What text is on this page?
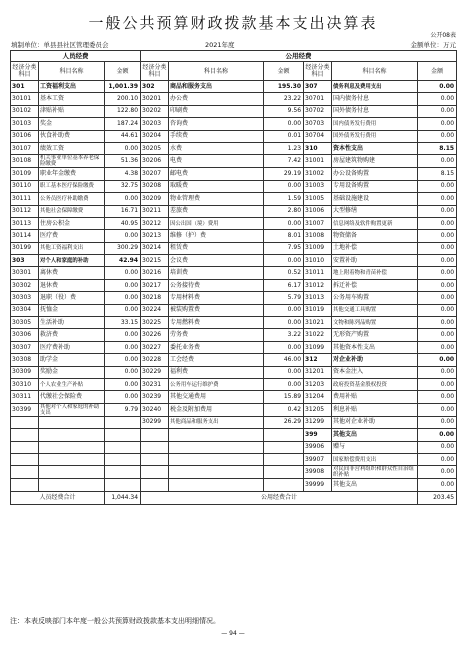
一般公共预算财政拨款基本支出决算表
公开08表
填制单位：单县县社区管理委员会	2021年度	金额单位：万元
人员经费			公用经费					
经济分类科目	科目名称	金额	经济分类科目	科目名称	金额	经济分类科目	科目名称	金额
301	工资福利支出	1,001.39	302	商品和服务支出	195.30	307	债务利息及费用支出	0.00
30101	基本工资	200.10	30201	办公费	23.22	30701	国内债务付息	0.00
30102	津贴补贴	122.80	30202	印刷费	9.56	30702	国外债务付息	0.00
30103	奖金	187.24	30203	咨询费	0.00	30703	国内债务发行费用	0.00
30106	伙食补助费	44.61	30204	手续费	0.01	30704	国外债务发行费用	0.00
30107	绩效工资	0.00	30205	水费	1.23	310	资本性支出	8.15
30108	机关事业单位基本养老保险缴费	51.36	30206	电费	7.42	31001	房屋建筑物购建	0.00
30109	职业年金缴费	4.38	30207	邮电费	29.19	31002	办公设备购置	8.15
30110	职工基本医疗保险缴费	32.75	30208	取暖费	0.00	31003	专用设备购置	0.00
30111	公务员医疗补助缴费	0.00	30209	物业管理费	1.59	31005	基础设施建设	0.00
30112	其他社会保障缴费	16.71	30211	差旅费	2.80	31006	大型修缮	0.00
30113	住房公积金	40.95	30212	因公出国（境）费用	0.00	31007	信息网络及软件购置更新	0.00
30114	医疗费	0.00	30213	维修（护）费	8.01	31008	物资储备	0.00
30199	其他工资福利支出	300.29	30214	租赁费	7.95	31009	土地补偿	0.00
303	对个人和家庭的补助	42.94	30215	会议费	0.00	31010	安置补助	0.00
30301	离休费	0.00	30216	培训费	0.52	31011	地上附着物和青苗补偿	0.00
30302	退休费	0.00	30217	公务接待费	6.17	31012	拆迁补偿	0.00
30303	退职（役）费	0.00	30218	专用材料费	5.79	31013	公务用车购置	0.00
30304	抚恤金	0.00	30224	被装购置费	0.00	31019	其他交通工具购置	0.00
30305	生活补助	33.15	30225	专用燃料费	0.00	31021	文物和陈列品购置	0.00
30306	救济费	0.00	30226	劳务费	3.22	31022	无形资产购置	0.00
30307	医疗费补助	0.00	30227	委托业务费	0.00	31099	其他资本性支出	0.00
30308	助学金	0.00	30228	工会经费	46.00	312	对企业补助	0.00
30309	奖励金	0.00	30229	福利费	0.00	31201	资本金注入	0.00
30310	个人农业生产补贴	0.00	30231	公务用车运行维护费	0.00	31203	政府投资基金股权投资	0.00
30311	代缴社会保险费	0.00	30239	其他交通费用	15.89	31204	费用补贴	0.00
30399	其他对个人和家庭的补助支出	9.79	30240	税金及附加费用	0.42	31205	利息补贴	0.00
			30299	其他商品和服务支出	26.29	31299	其他对企业补助	0.00
						399	其他支出	0.00
						39906	赠与	0.00
						39907	国家赔偿费用支出	0.00
						39908	对民间非营利组织和群众性自治组织补贴	0.00
						39999	其他支出	0.00
人员经费合计		1,044.34	公用经费合计					203.45
注：本表反映部门本年度一般公共预算财政拨款基本支出明细情况。
— 94 —
